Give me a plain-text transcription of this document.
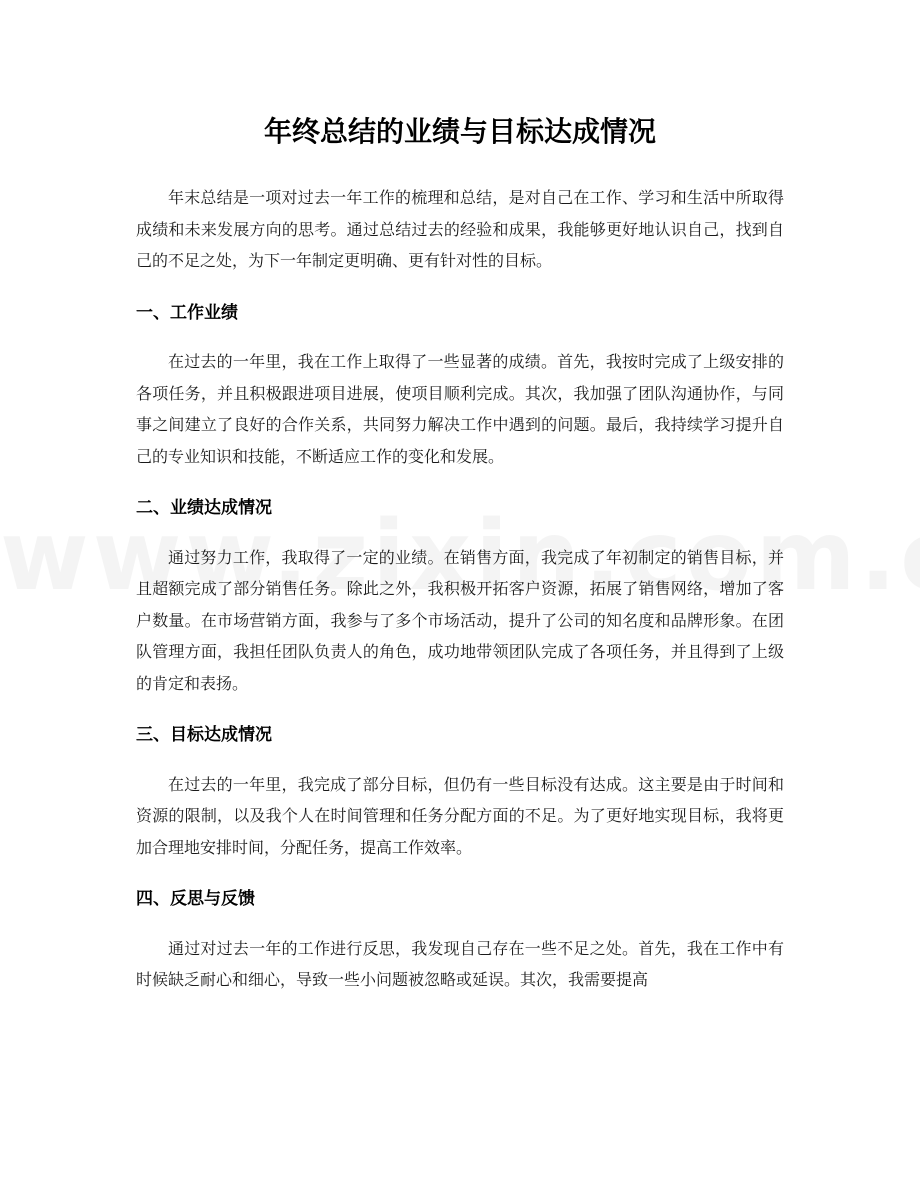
年终总结的业绩与目标达成情况

年末总结是一项对过去一年工作的梳理和总结，是对自己在工作、学习和生活中所取得成绩和未来发展方向的思考。通过总结过去的经验和成果，我能够更好地认识自己，找到自己的不足之处，为下一年制定更明确、更有针对性的目标。

一、工作业绩

在过去的一年里，我在工作上取得了一些显著的成绩。首先，我按时完成了上级安排的各项任务，并且积极跟进项目进展，使项目顺利完成。其次，我加强了团队沟通协作，与同事之间建立了良好的合作关系，共同努力解决工作中遇到的问题。最后，我持续学习提升自己的专业知识和技能，不断适应工作的变化和发展。

二、业绩达成情况

通过努力工作，我取得了一定的业绩。在销售方面，我完成了年初制定的销售目标，并且超额完成了部分销售任务。除此之外，我积极开拓客户资源，拓展了销售网络，增加了客户数量。在市场营销方面，我参与了多个市场活动，提升了公司的知名度和品牌形象。在团队管理方面，我担任团队负责人的角色，成功地带领团队完成了各项任务，并且得到了上级的肯定和表扬。

三、目标达成情况

在过去的一年里，我完成了部分目标，但仍有一些目标没有达成。这主要是由于时间和资源的限制，以及我个人在时间管理和任务分配方面的不足。为了更好地实现目标，我将更加合理地安排时间，分配任务，提高工作效率。

四、反思与反馈

通过对过去一年的工作进行反思，我发现自己存在一些不足之处。首先，我在工作中有时候缺乏耐心和细心，导致一些小问题被忽略或延误。其次，我需要提高
